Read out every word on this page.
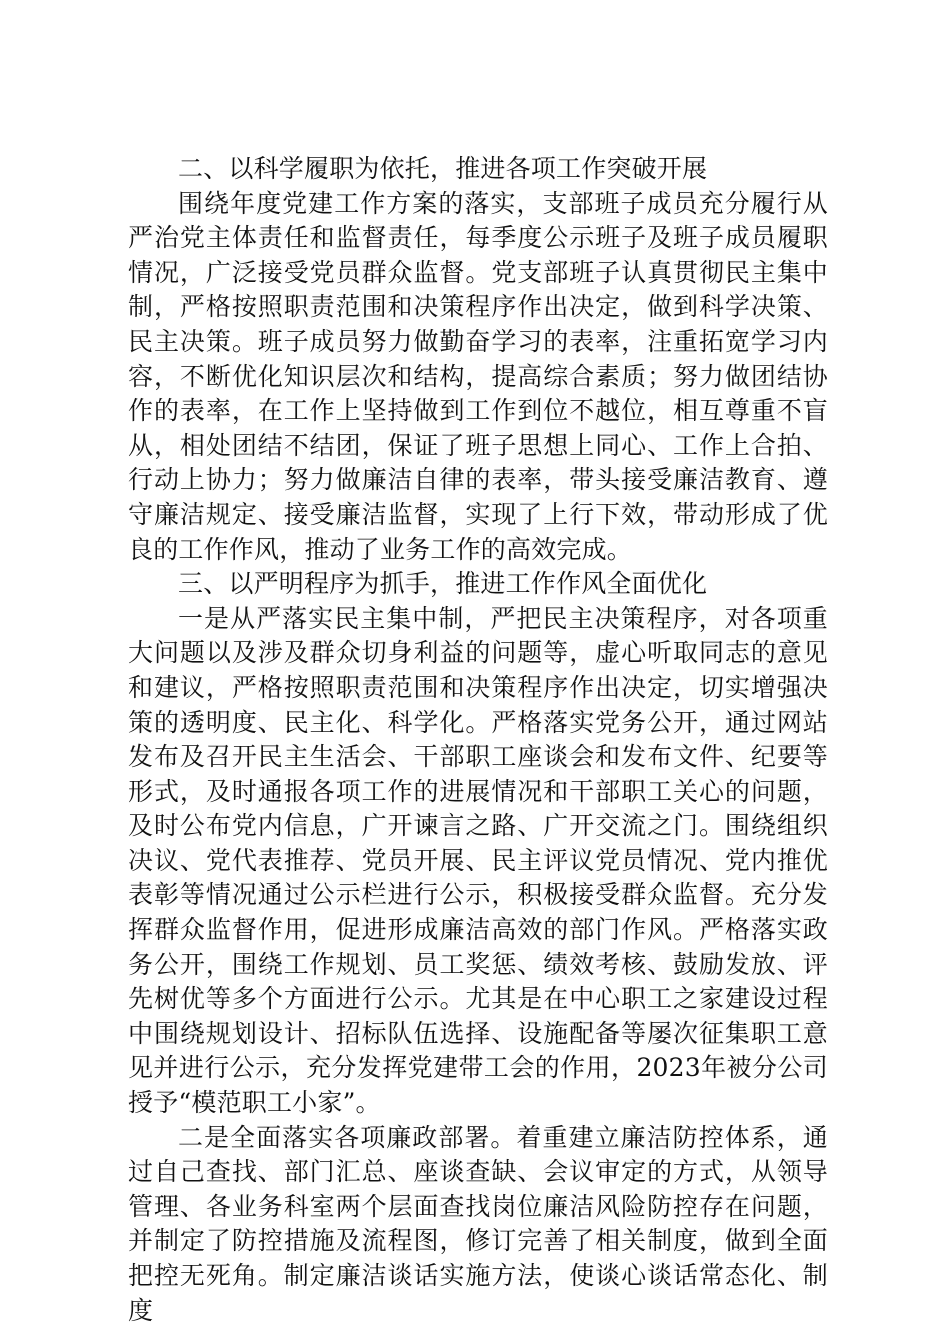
二、以科学履职为依托，推进各项工作突破开展

围绕年度党建工作方案的落实，支部班子成员充分履行从严治党主体责任和监督责任，每季度公示班子及班子成员履职情况，广泛接受党员群众监督。党支部班子认真贯彻民主集中制，严格按照职责范围和决策程序作出决定，做到科学决策、民主决策。班子成员努力做勤奋学习的表率，注重拓宽学习内容，不断优化知识层次和结构，提高综合素质；努力做团结协作的表率，在工作上坚持做到工作到位不越位，相互尊重不盲从，相处团结不结团，保证了班子思想上同心、工作上合拍、行动上协力；努力做廉洁自律的表率，带头接受廉洁教育、遵守廉洁规定、接受廉洁监督，实现了上行下效，带动形成了优良的工作作风，推动了业务工作的高效完成。

三、以严明程序为抓手，推进工作作风全面优化

一是从严落实民主集中制，严把民主决策程序，对各项重大问题以及涉及群众切身利益的问题等，虚心听取同志的意见和建议，严格按照职责范围和决策程序作出决定，切实增强决策的透明度、民主化、科学化。严格落实党务公开，通过网站发布及召开民主生活会、干部职工座谈会和发布文件、纪要等形式，及时通报各项工作的进展情况和干部职工关心的问题，及时公布党内信息，广开谏言之路、广开交流之门。围绕组织决议、党代表推荐、党员开展、民主评议党员情况、党内推优表彰等情况通过公示栏进行公示，积极接受群众监督。充分发挥群众监督作用，促进形成廉洁高效的部门作风。严格落实政务公开，围绕工作规划、员工奖惩、绩效考核、鼓励发放、评先树优等多个方面进行公示。尤其是在中心职工之家建设过程中围绕规划设计、招标队伍选择、设施配备等屡次征集职工意见并进行公示，充分发挥党建带工会的作用，2023年被分公司授予“模范职工小家”。

二是全面落实各项廉政部署。着重建立廉洁防控体系，通过自己查找、部门汇总、座谈查缺、会议审定的方式，从领导管理、各业务科室两个层面查找岗位廉洁风险防控存在问题，并制定了防控措施及流程图，修订完善了相关制度，做到全面把控无死角。制定廉洁谈话实施方法，使谈心谈话常态化、制度
